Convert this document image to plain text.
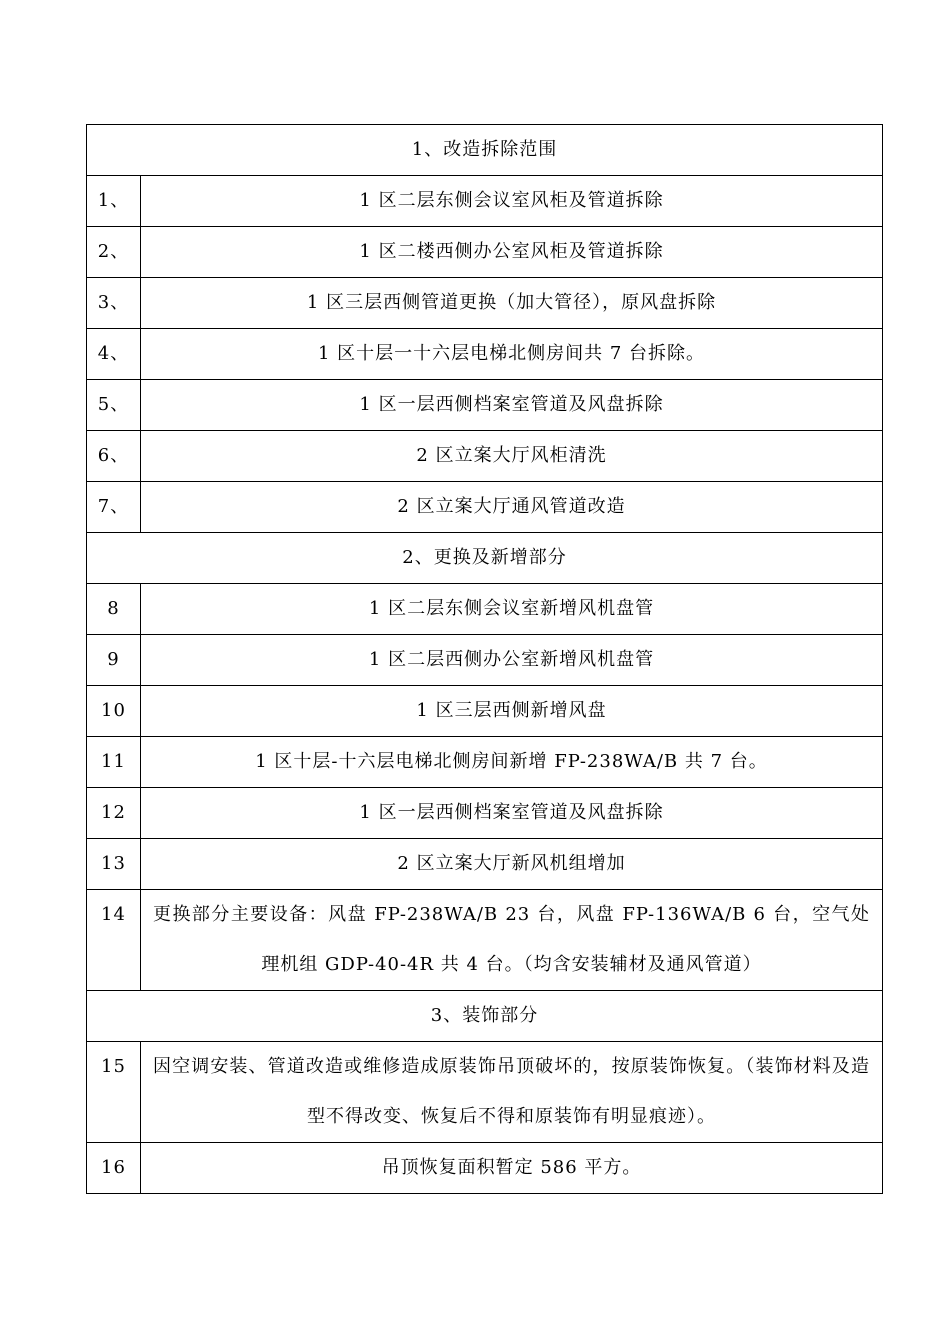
1、改造拆除范围	
1、	1 区二层东侧会议室风柜及管道拆除
2、	1 区二楼西侧办公室风柜及管道拆除
3、	1 区三层西侧管道更换（加大管径），原风盘拆除
4、	1 区十层一十六层电梯北侧房间共 7 台拆除。
5、	1 区一层西侧档案室管道及风盘拆除
6、	2 区立案大厅风柜清洗
7、	2 区立案大厅通风管道改造
2、更换及新增部分	
8	1 区二层东侧会议室新增风机盘管
9	1 区二层西侧办公室新增风机盘管
10	1 区三层西侧新增风盘
11	1 区十层-十六层电梯北侧房间新增 FP-238WA/B 共 7 台。
12	1 区一层西侧档案室管道及风盘拆除
13	2 区立案大厅新风机组增加
14	更换部分主要设备：风盘 FP-238WA/B 23 台，风盘 FP-136WA/B 6 台，空气处理机组 GDP-40-4R 共 4 台。（均含安装辅材及通风管道）
3、装饰部分	
15	因空调安装、管道改造或维修造成原装饰吊顶破坏的，按原装饰恢复。（装饰材料及造型不得改变、恢复后不得和原装饰有明显痕迹）。
16	吊顶恢复面积暂定 586 平方。
